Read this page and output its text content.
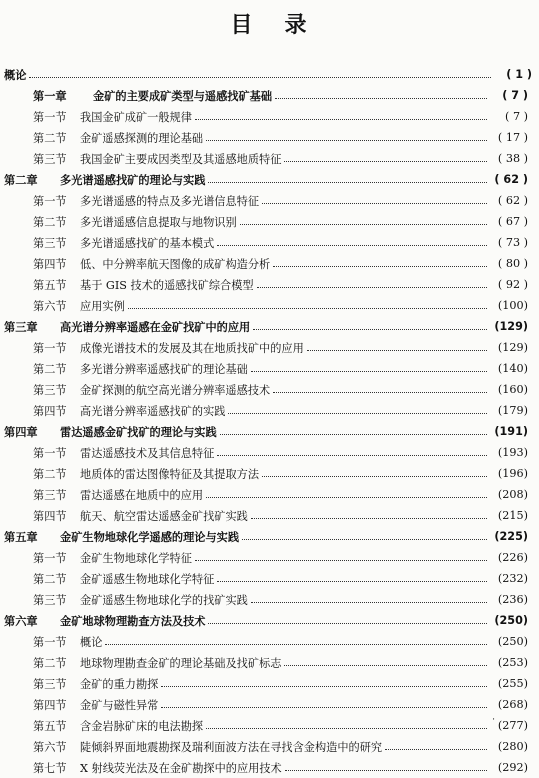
目 录
概论	( 1 )
第一章	金矿的主要成矿类型与遥感找矿基础	( 7 )
第一节	我国金矿成矿一般规律	( 7 )
第二节	金矿遥感探测的理论基础	( 17 )
第三节	我国金矿主要成因类型及其遥感地质特征	( 38 )
第二章	多光谱遥感找矿的理论与实践	( 62 )
第一节	多光谱遥感的特点及多光谱信息特征	( 62 )
第二节	多光谱遥感信息提取与地物识别	( 67 )
第三节	多光谱遥感找矿的基本模式	( 73 )
第四节	低、中分辨率航天图像的成矿构造分析	( 80 )
第五节	基于 GIS 技术的遥感找矿综合模型	( 92 )
第六节	应用实例	(100)
第三章	高光谱分辨率遥感在金矿找矿中的应用	(129)
第一节	成像光谱技术的发展及其在地质找矿中的应用	(129)
第二节	多光谱分辨率遥感找矿的理论基础	(140)
第三节	金矿探测的航空高光谱分辨率遥感技术	(160)
第四节	高光谱分辨率遥感找矿的实践	(179)
第四章	雷达遥感金矿找矿的理论与实践	(191)
第一节	雷达遥感技术及其信息特征	(193)
第二节	地质体的雷达图像特征及其提取方法	(196)
第三节	雷达遥感在地质中的应用	(208)
第四节	航天、航空雷达遥感金矿找矿实践	(215)
第五章	金矿生物地球化学遥感的理论与实践	(225)
第一节	金矿生物地球化学特征	(226)
第二节	金矿遥感生物地球化学特征	(232)
第三节	金矿遥感生物地球化学的找矿实践	(236)
第六章	金矿地球物理勘查方法及技术	(250)
第一节	概论	(250)
第二节	地球物理勘查金矿的理论基础及找矿标志	(253)
第三节	金矿的重力勘探	(255)
第四节	金矿与磁性异常	(268)
第五节	含金岩脉矿床的电法勘探	(277)
第六节	陡倾斜界面地震勘探及瑞利面波方法在寻找含金构造中的研究	(280)
第七节	X 射线荧光法及在金矿勘探中的应用技术	(292)
·
